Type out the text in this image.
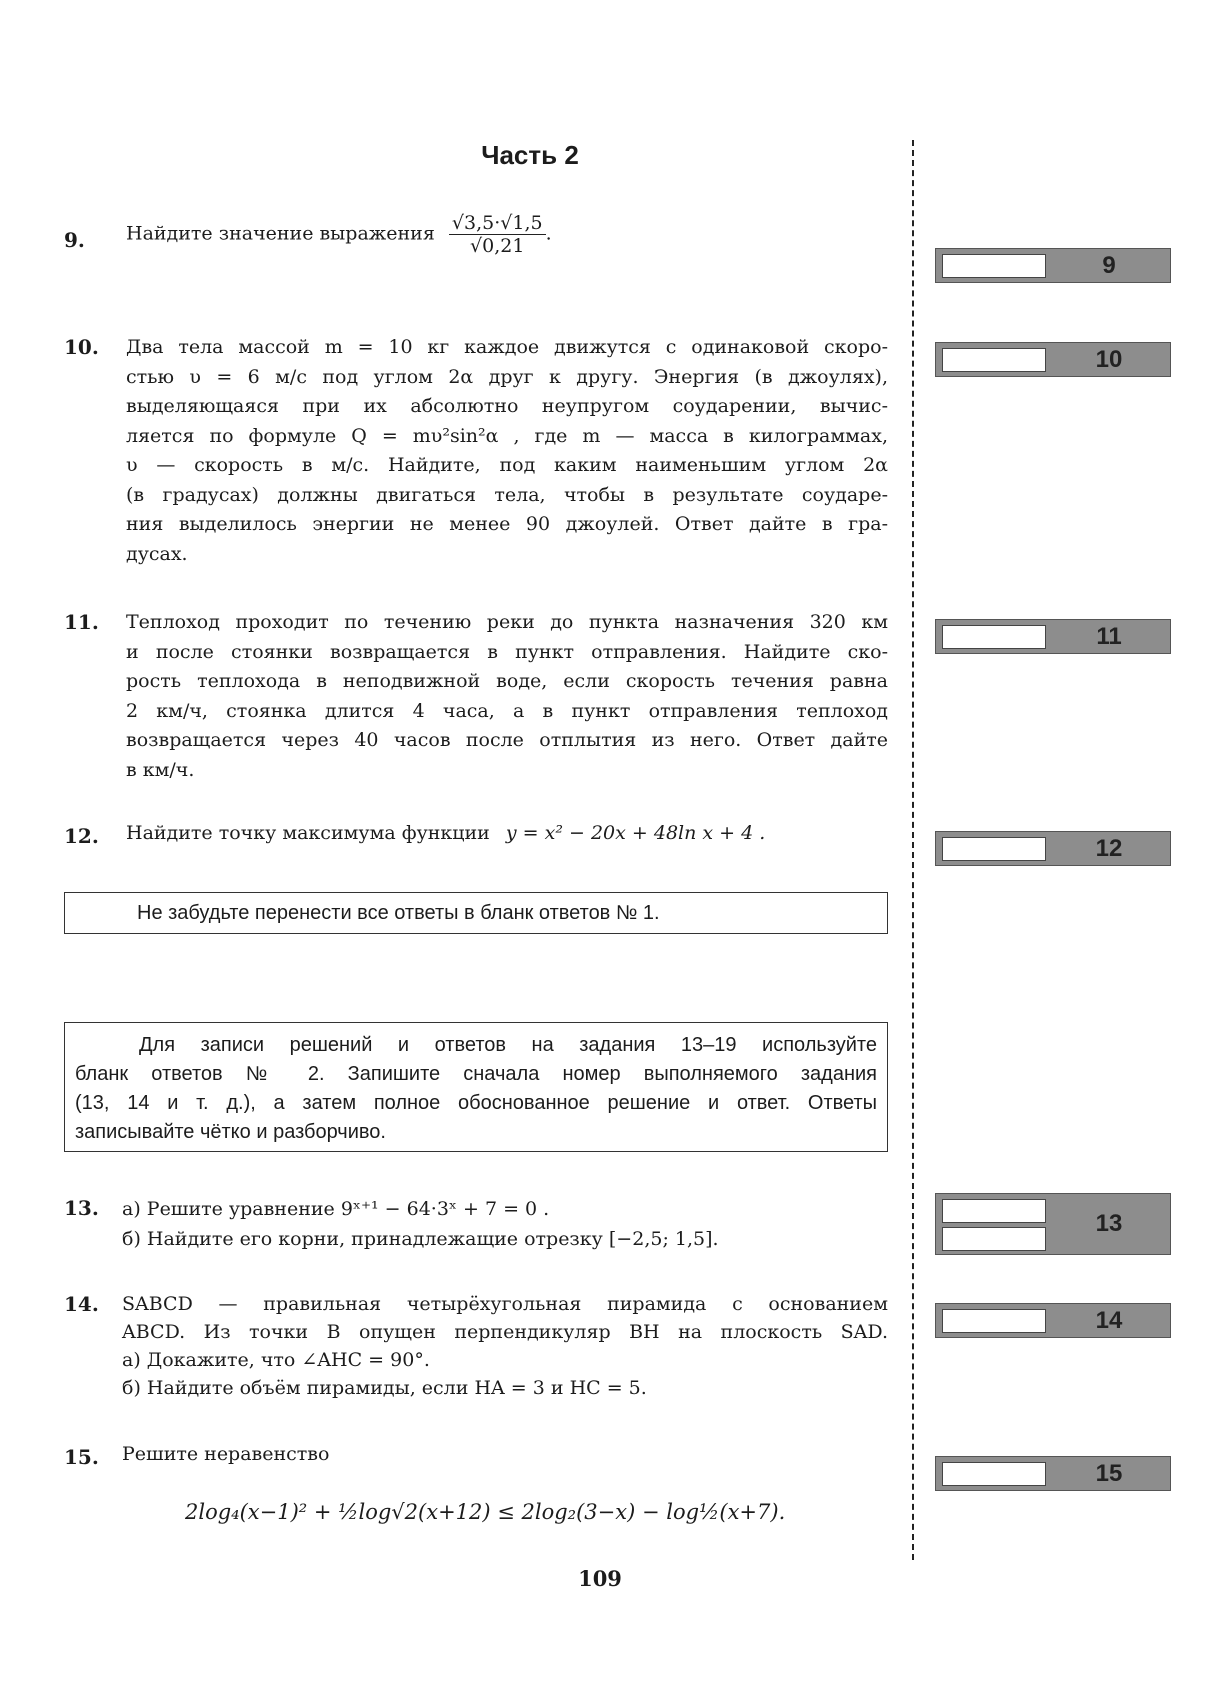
Часть 2
9.	Найдите значение выражения $\frac{√3,5\cdot√1,5}{√0,21}$ .
10.	Два тела массой m = 10 кг каждое движутся с одинаковой скоро-
стью υ = 6 м/с под углом 2α друг к другу. Энергия (в джоулях),
выделяющаяся при их абсолютно неупругом соударении, вычис-
ляется по формуле Q = mυ²sin²α , где m — масса в килограммах,
υ — скорость в м/с. Найдите, под каким наименьшим углом 2α
(в градусах) должны двигаться тела, чтобы в результате соударе-
ния выделилось энергии не менее 90 джоулей. Ответ дайте в гра-
дусах.
11.	Теплоход проходит по течению реки до пункта назначения 320 км
и после стоянки возвращается в пункт отправления. Найдите ско-
рость теплохода в неподвижной воде, если скорость течения равна
2 км/ч, стоянка длится 4 часа, а в пункт отправления теплоход
возвращается через 40 часов после отплытия из него. Ответ дайте
в км/ч.
12.	Найдите точку максимума функции y = x² − 20x + 48ln x + 4 .
Не забудьте перенести все ответы в бланк ответов № 1.
Для записи решений и ответов на задания 13–19 используйте
бланк ответов № 2. Запишите сначала номер выполняемого задания
(13, 14 и т. д.), а затем полное обоснованное решение и ответ. Ответы
записывайте чётко и разборчиво.
13.	а) Решите уравнение 9ˣ⁺¹ − 64·3ˣ + 7 = 0 .
б) Найдите его корни, принадлежащие отрезку [−2,5; 1,5].
14.	SABCD — правильная четырёхугольная пирамида с основанием
ABCD. Из точки B опущен перпендикуляр BH на плоскость SAD.
а) Докажите, что ∠AHC = 90°.
б) Найдите объём пирамиды, если HA = 3 и HC = 5.
15.	Решите неравенство
2log₄(x−1)² + ½log√2(x+12) ≤ 2log₂(3−x) − log½(x+7).
9
10
11
12
13
14
15
109
